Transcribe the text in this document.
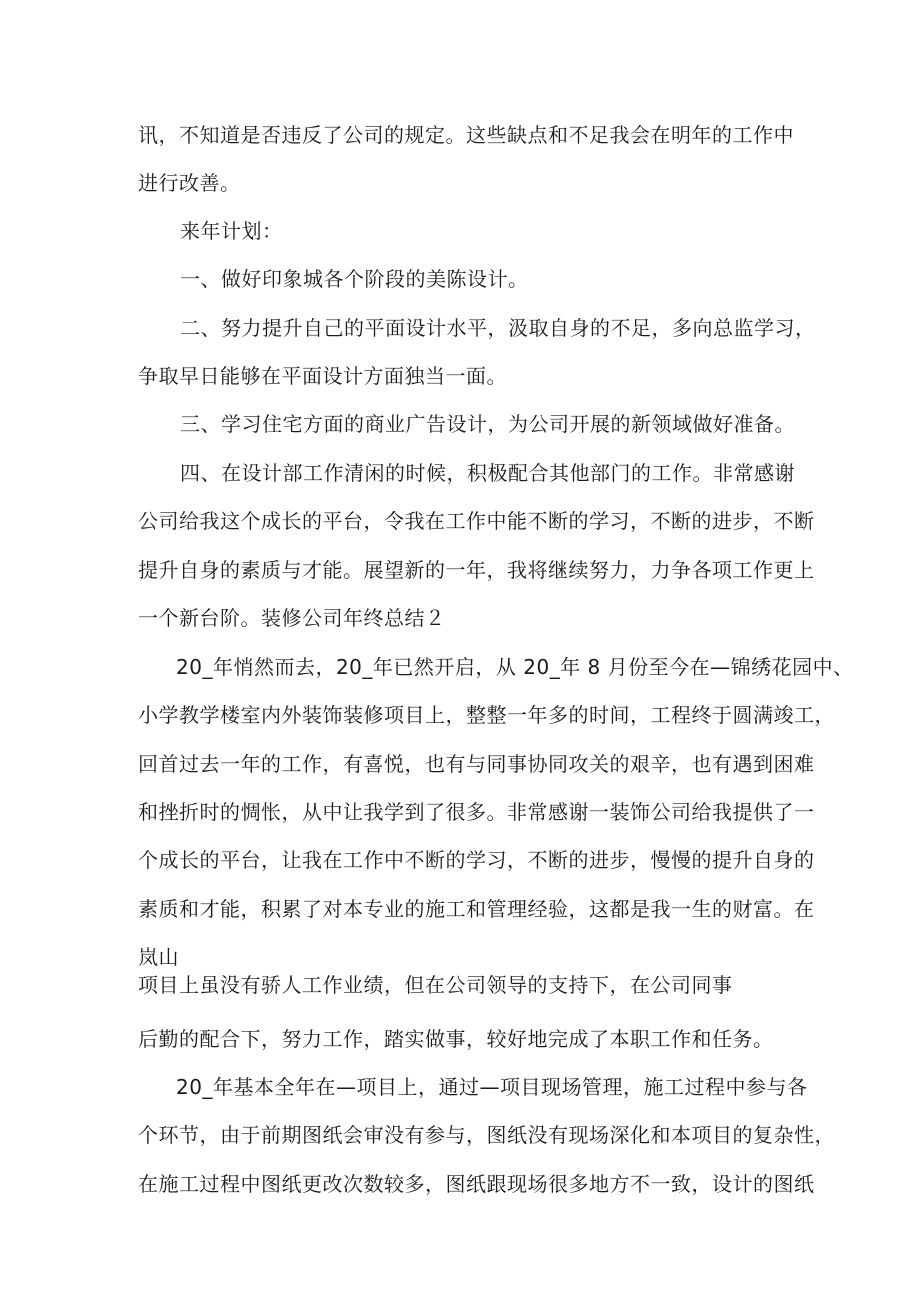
讯，不知道是否违反了公司的规定。这些缺点和不足我会在明年的工作中
进行改善。
来年计划：
一、做好印象城各个阶段的美陈设计。
二、努力提升自己的平面设计水平，汲取自身的不足，多向总监学习，
争取早日能够在平面设计方面独当一面。
三、学习住宅方面的商业广告设计，为公司开展的新领域做好准备。
四、在设计部工作清闲的时候，积极配合其他部门的工作。非常感谢
公司给我这个成长的平台，令我在工作中能不断的学习，不断的进步，不断
提升自身的素质与才能。展望新的一年，我将继续努力，力争各项工作更上
一个新台阶。装修公司年终总结２
20_年悄然而去，20_年已然开启，从 20_年 8 月份至今在—锦绣花园中、
小学教学楼室内外装饰装修项目上，整整一年多的时间，工程终于圆满竣工，
回首过去一年的工作，有喜悦，也有与同事协同攻关的艰辛，也有遇到困难
和挫折时的惆怅，从中让我学到了很多。非常感谢一装饰公司给我提供了一
个成长的平台，让我在工作中不断的学习，不断的进步，慢慢的提升自身的
素质和才能，积累了对本专业的施工和管理经验，这都是我一生的财富。在
岚山
项目上虽没有骄人工作业绩，但在公司领导的支持下，在公司同事
后勤的配合下，努力工作，踏实做事，较好地完成了本职工作和任务。
20_年基本全年在—项目上，通过—项目现场管理，施工过程中参与各
个环节，由于前期图纸会审没有参与，图纸没有现场深化和本项目的复杂性，
在施工过程中图纸更改次数较多，图纸跟现场很多地方不一致，设计的图纸
